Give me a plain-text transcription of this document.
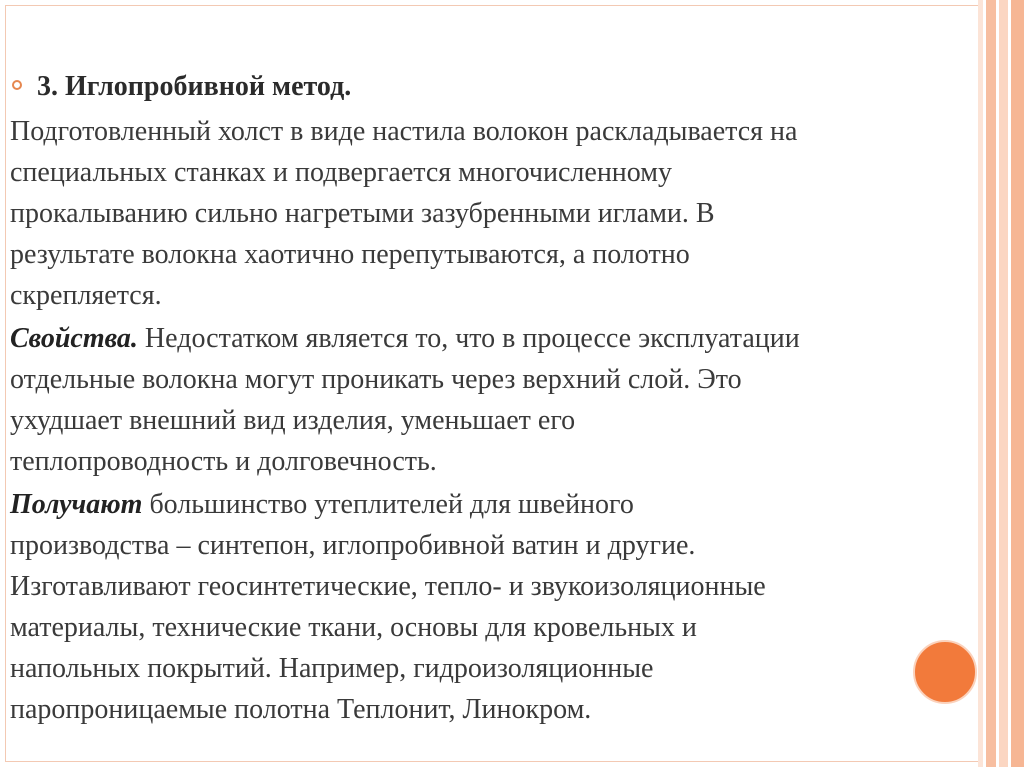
3. Иглопробивной метод.
Подготовленный холст в виде настила волокон раскладывается на
специальных станках и подвергается многочисленному
прокалыванию сильно нагретыми зазубренными иглами. В
результате волокна хаотично перепутываются, а полотно
скрепляется.
Свойства. Недостатком является то, что в процессе эксплуатации
отдельные волокна могут проникать через верхний слой. Это
ухудшает внешний вид изделия, уменьшает его
теплопроводность и долговечность.
Получают большинство утеплителей для швейного
производства – синтепон, иглопробивной ватин и другие.
Изготавливают геосинтетические, тепло- и звукоизоляционные
материалы, технические ткани, основы для кровельных и
напольных покрытий. Например, гидроизоляционные
паропроницаемые полотна Теплонит, Линокром.
